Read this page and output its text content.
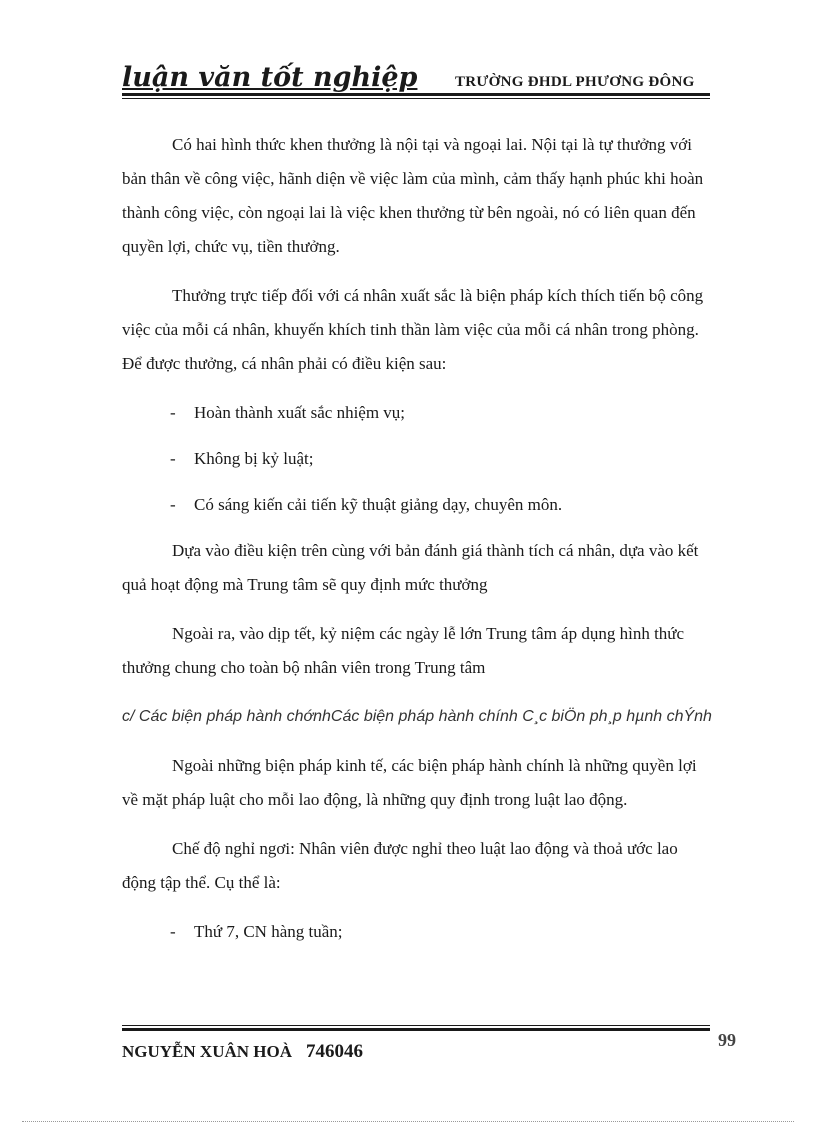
luận văn tốt nghiệp	TRƯỜNG ĐHDL PHƯƠNG ĐÔNG

Có hai hình thức khen thưởng là nội tại và ngoại lai. Nội tại là tự thưởng với bản thân về công việc, hãnh diện về việc làm của mình, cảm thấy hạnh phúc khi hoàn thành công việc, còn ngoại lai là việc khen thưởng từ bên ngoài, nó có liên quan đến quyền lợi, chức vụ, tiền thưởng.

Thưởng trực tiếp đối với cá nhân xuất sắc là biện pháp kích thích tiến bộ công việc của mỗi cá nhân, khuyến khích tinh thần làm việc của mỗi cá nhân trong phòng. Để được thưởng, cá nhân phải có điều kiện sau:

- Hoàn thành xuất sắc nhiệm vụ;

- Không bị kỷ luật;

- Có sáng kiến cải tiến kỹ thuật giảng dạy, chuyên môn.

Dựa vào điều kiện trên cùng với bản đánh giá thành tích cá nhân, dựa vào kết quả hoạt động mà Trung tâm sẽ quy định mức thưởng

Ngoài ra, vào dịp tết, kỷ niệm các ngày lễ lớn Trung tâm áp dụng hình thức thưởng chung cho toàn bộ nhân viên trong Trung tâm

c/ Các biện pháp hành chớnhCác biện pháp hành chính C¸c biÖn ph¸p hµnh chÝnh

Ngoài những biện pháp kinh tế, các biện pháp hành chính là những quyền lợi về mặt pháp luật cho mỗi lao động, là những quy định trong luật lao động.

Chế độ nghỉ ngơi: Nhân viên được nghỉ theo luật lao động và thoả ước lao động tập thể. Cụ thể là:

- Thứ 7, CN hàng tuần;

NGUYỄN XUÂN HOÀ 746046
99
